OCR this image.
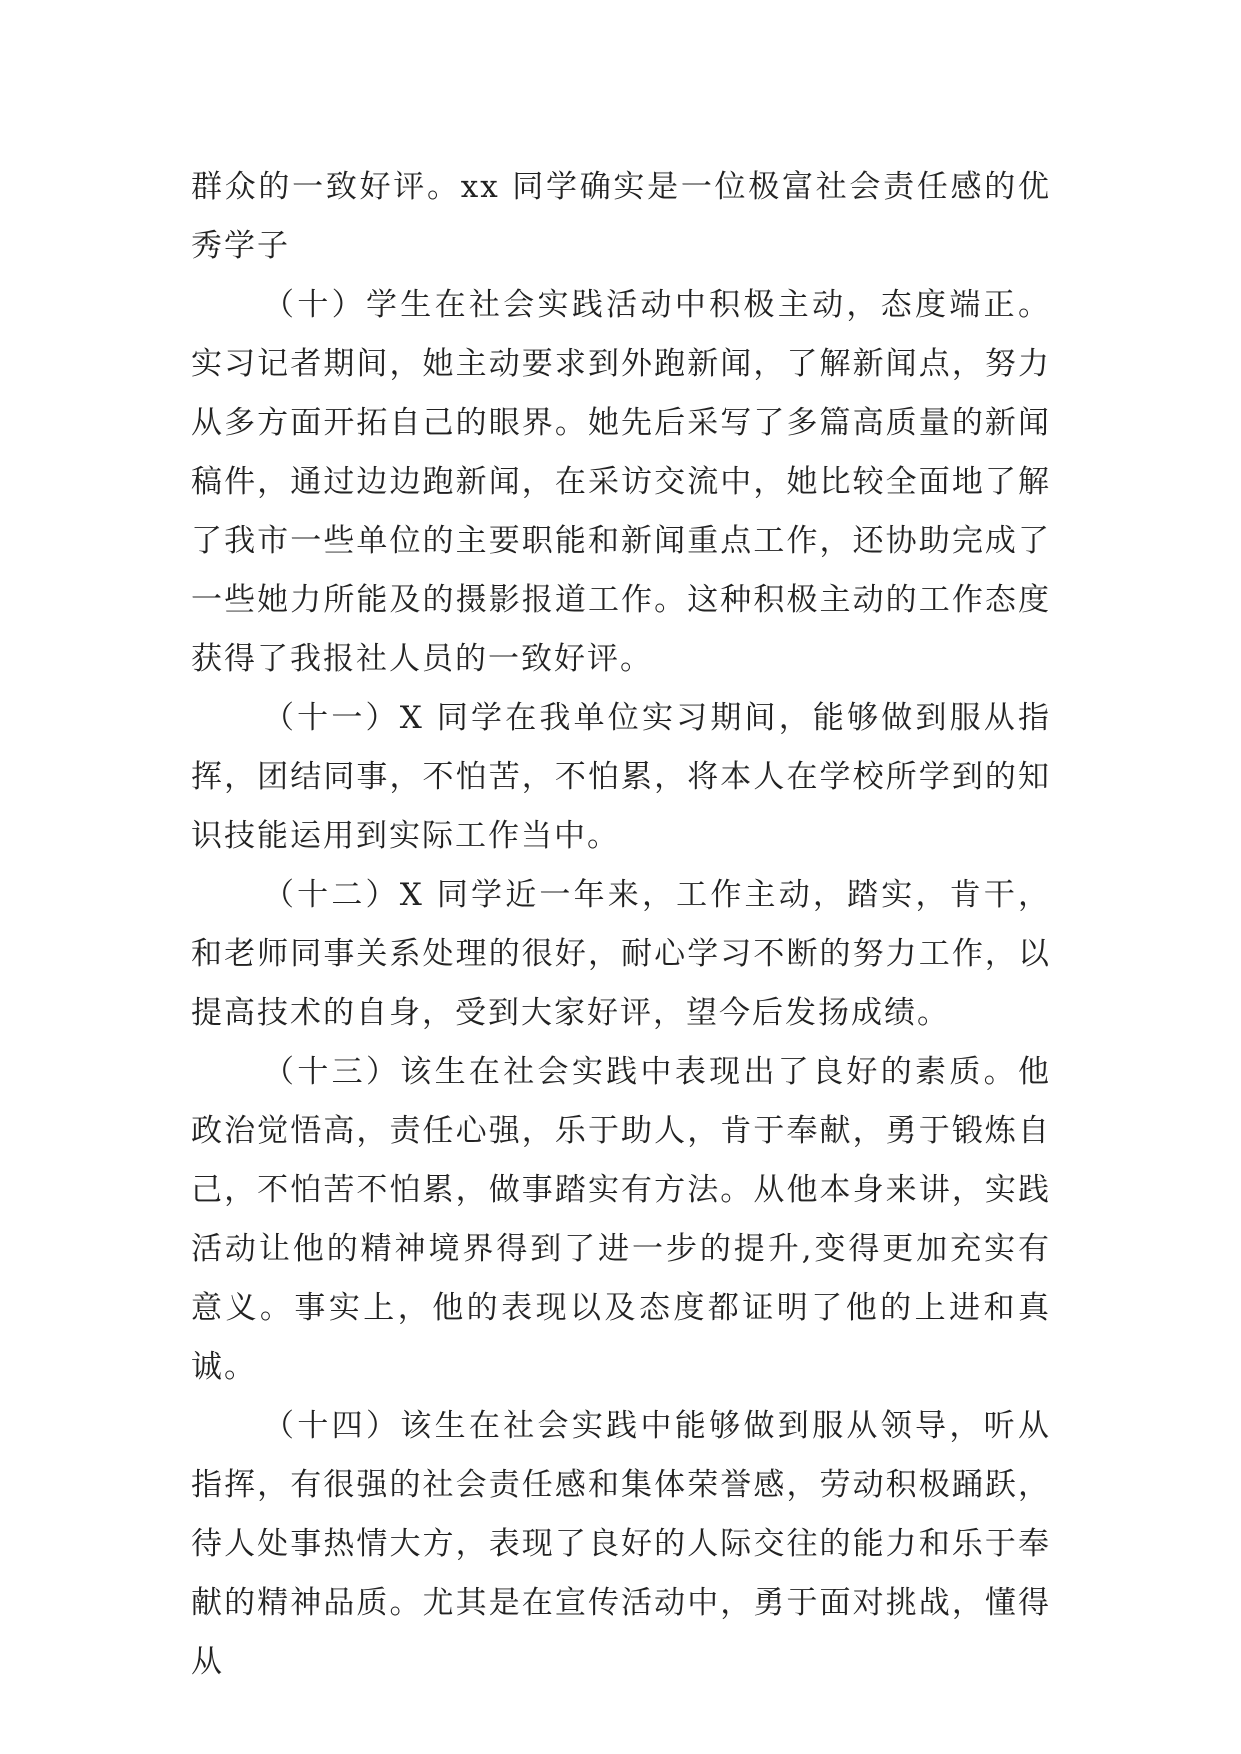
群众的一致好评。xx 同学确实是一位极富社会责任感的优秀学子

（十）学生在社会实践活动中积极主动，态度端正。实习记者期间，她主动要求到外跑新闻，了解新闻点，努力从多方面开拓自己的眼界。她先后采写了多篇高质量的新闻稿件，通过边边跑新闻，在采访交流中，她比较全面地了解了我市一些单位的主要职能和新闻重点工作，还协助完成了一些她力所能及的摄影报道工作。这种积极主动的工作态度获得了我报社人员的一致好评。

（十一）X 同学在我单位实习期间，能够做到服从指挥，团结同事，不怕苦，不怕累，将本人在学校所学到的知识技能运用到实际工作当中。

（十二）X 同学近一年来，工作主动，踏实，肯干，和老师同事关系处理的很好，耐心学习不断的努力工作，以提高技术的自身，受到大家好评，望今后发扬成绩。

（十三）该生在社会实践中表现出了良好的素质。他政治觉悟高，责任心强，乐于助人，肯于奉献，勇于锻炼自己，不怕苦不怕累，做事踏实有方法。从他本身来讲，实践活动让他的精神境界得到了进一步的提升,变得更加充实有意义。事实上，他的表现以及态度都证明了他的上进和真诚。

（十四）该生在社会实践中能够做到服从领导，听从指挥，有很强的社会责任感和集体荣誉感，劳动积极踊跃，待人处事热情大方，表现了良好的人际交往的能力和乐于奉献的精神品质。尤其是在宣传活动中，勇于面对挑战，懂得从
